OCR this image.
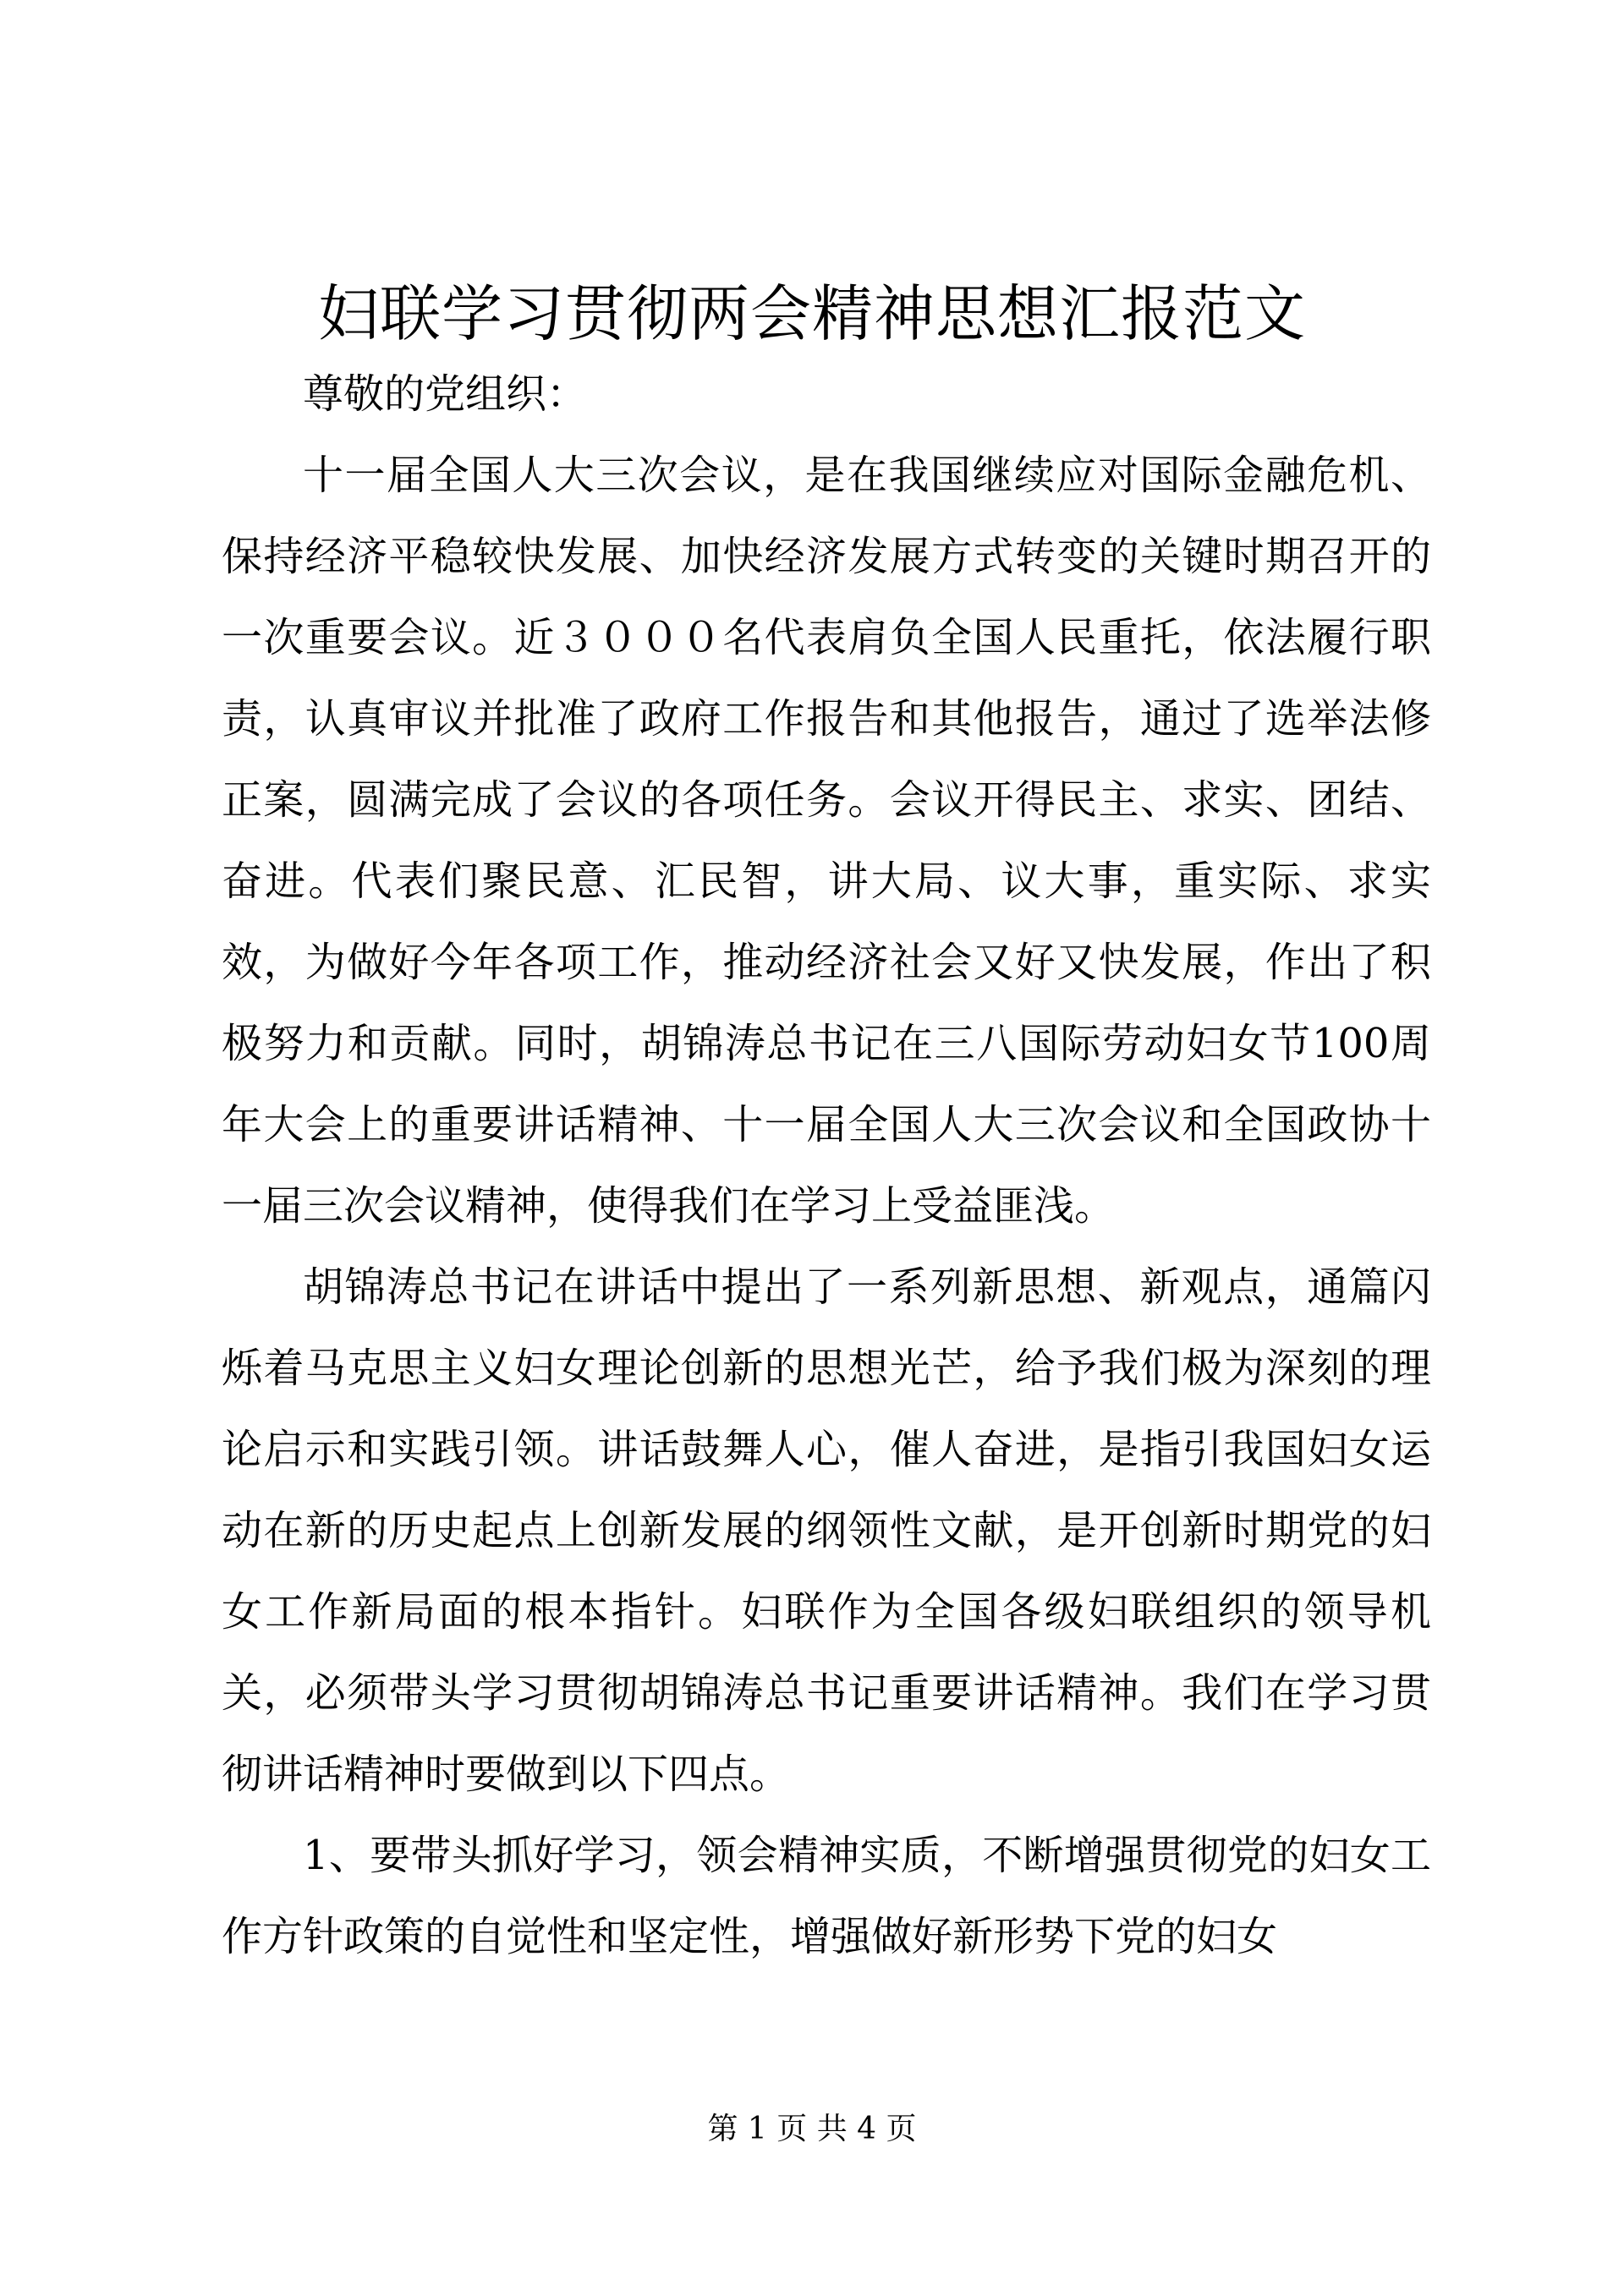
妇联学习贯彻两会精神思想汇报范文

尊敬的党组织：

十一届全国人大三次会议，是在我国继续应对国际金融危机、保持经济平稳较快发展、加快经济发展方式转变的关键时期召开的一次重要会议。近３０００名代表肩负全国人民重托，依法履行职责，认真审议并批准了政府工作报告和其他报告，通过了选举法修正案，圆满完成了会议的各项任务。会议开得民主、求实、团结、奋进。代表们聚民意、汇民智，讲大局、议大事，重实际、求实效，为做好今年各项工作，推动经济社会又好又快发展，作出了积极努力和贡献。同时，胡锦涛总书记在三八国际劳动妇女节100周年大会上的重要讲话精神、十一届全国人大三次会议和全国政协十一届三次会议精神，使得我们在学习上受益匪浅。

胡锦涛总书记在讲话中提出了一系列新思想、新观点，通篇闪烁着马克思主义妇女理论创新的思想光芒，给予我们极为深刻的理论启示和实践引领。讲话鼓舞人心，催人奋进，是指引我国妇女运动在新的历史起点上创新发展的纲领性文献，是开创新时期党的妇女工作新局面的根本指针。妇联作为全国各级妇联组织的领导机关，必须带头学习贯彻胡锦涛总书记重要讲话精神。我们在学习贯彻讲话精神时要做到以下四点。

1、要带头抓好学习，领会精神实质，不断增强贯彻党的妇女工作方针政策的自觉性和坚定性，增强做好新形势下党的妇女

第 1 页 共 4 页
